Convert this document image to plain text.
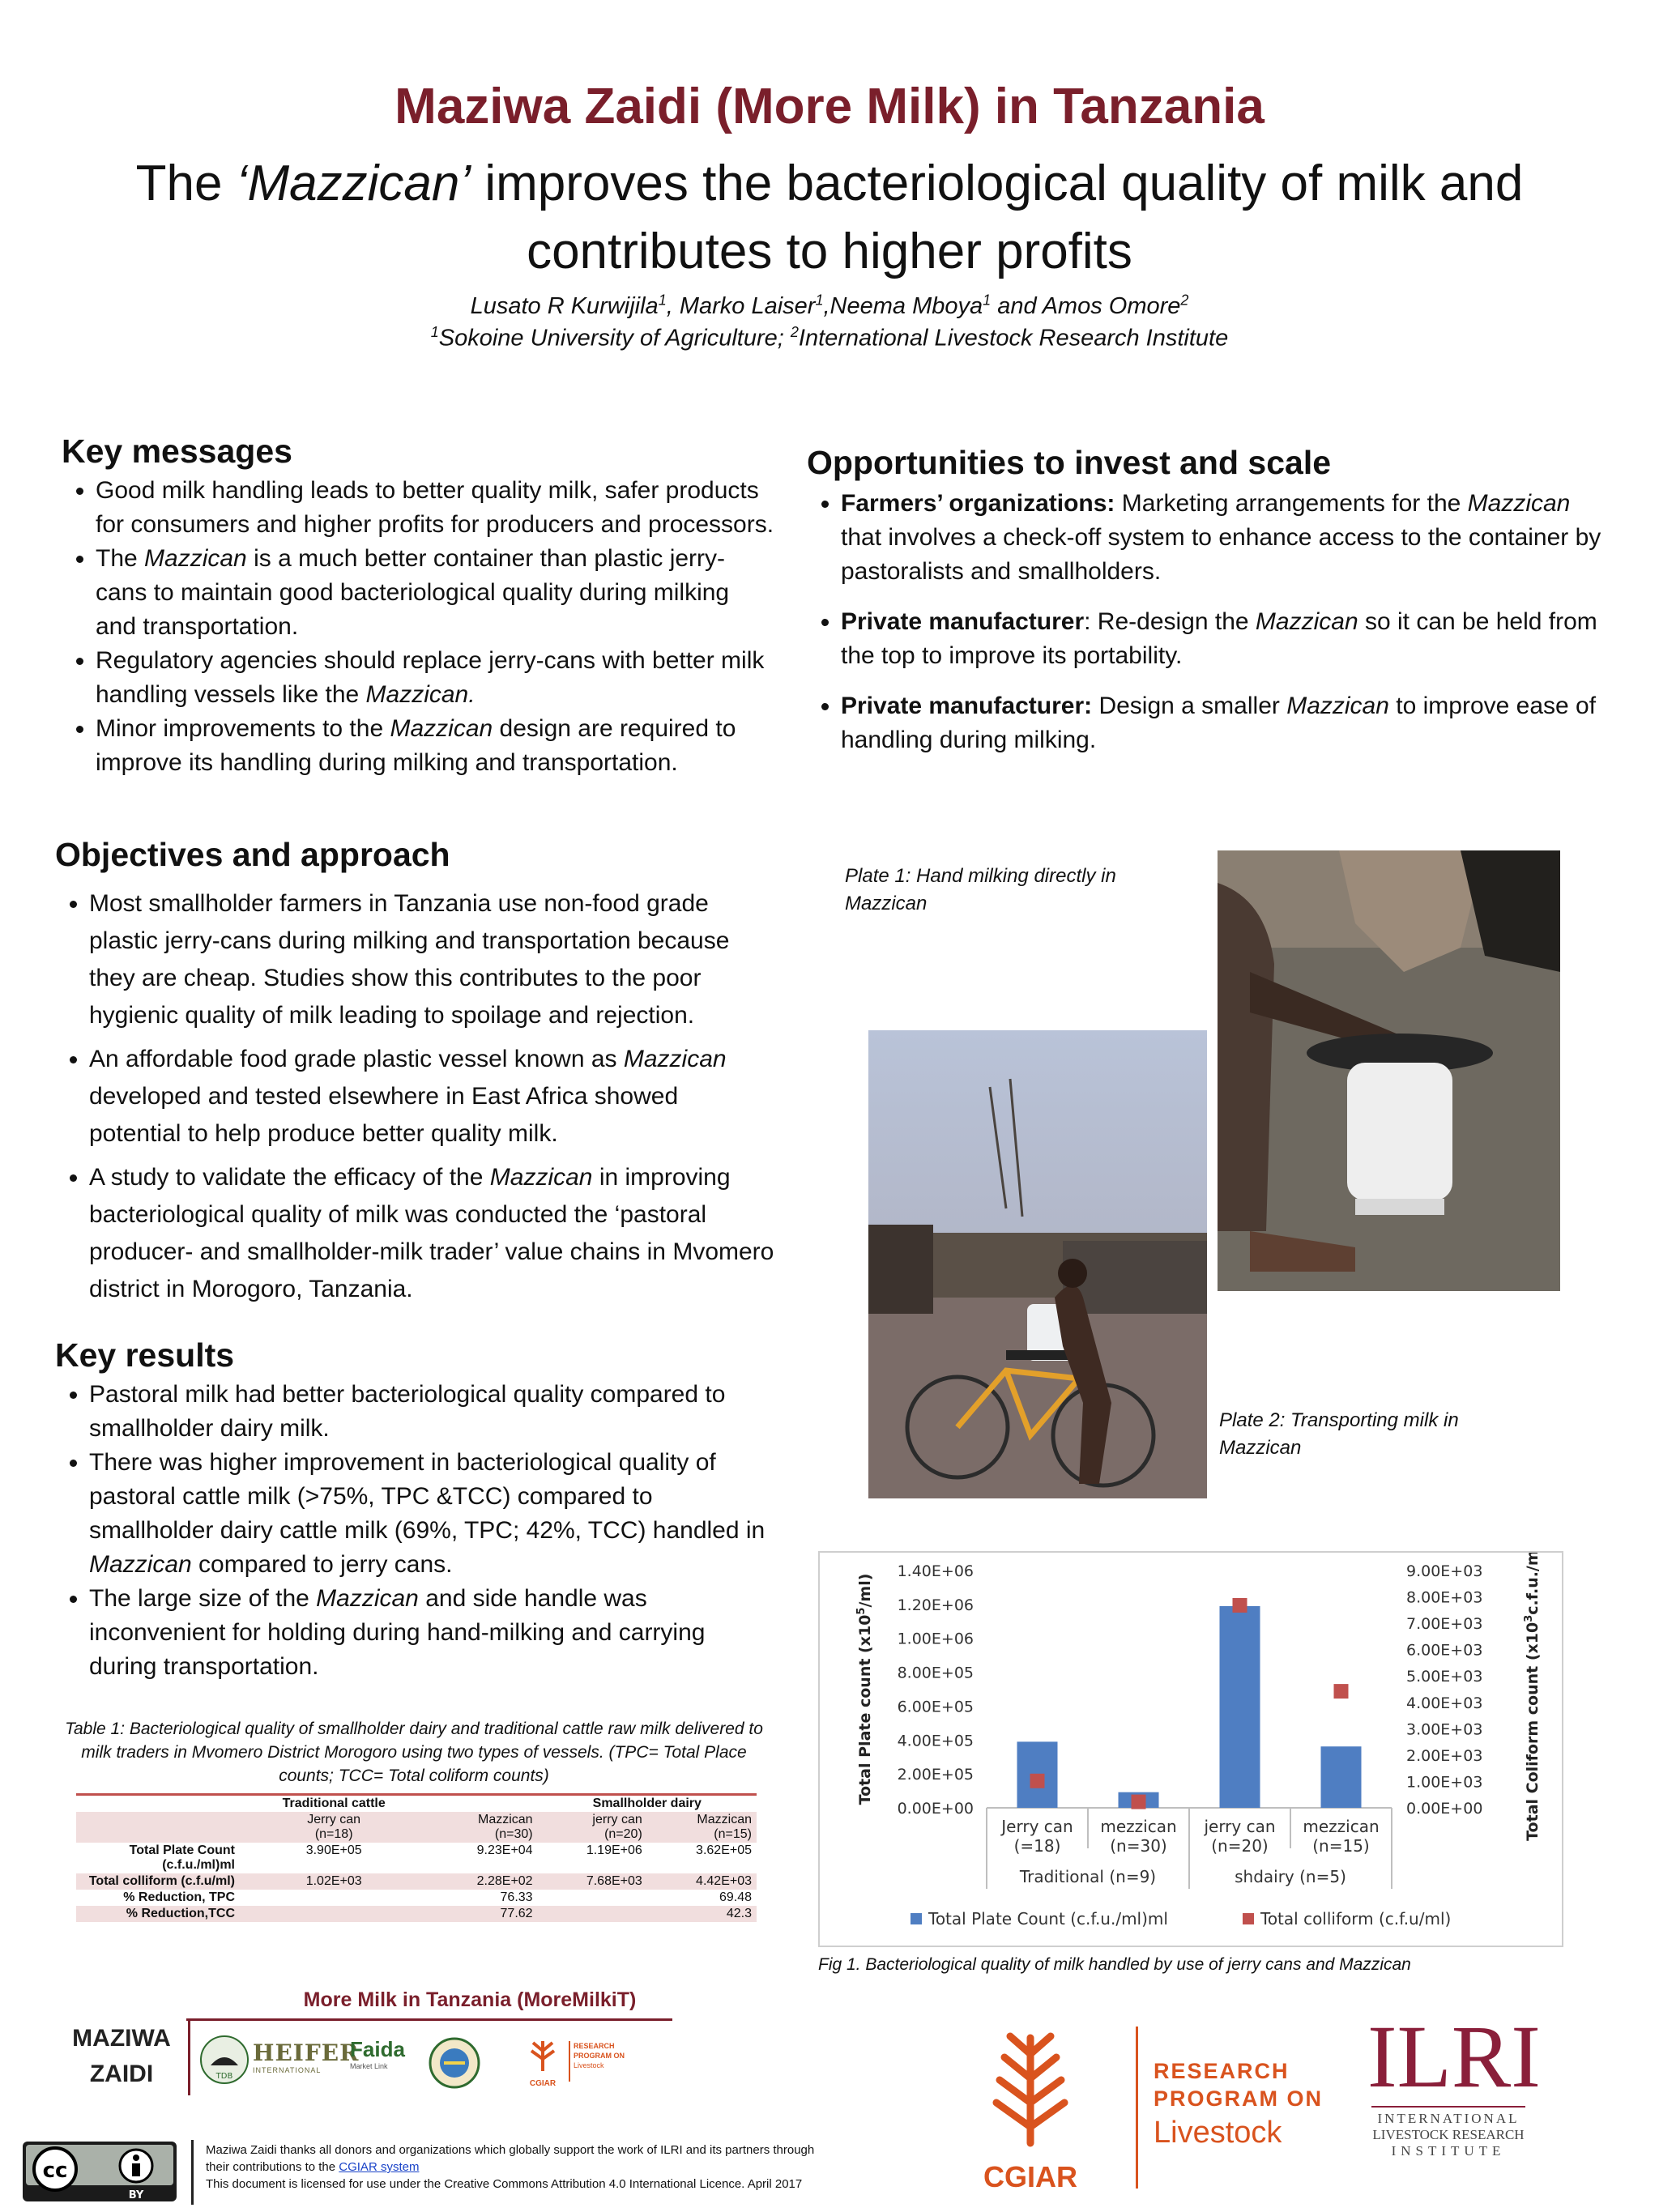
Maziwa Zaidi (More Milk) in Tanzania
The ‘Mazzican’ improves the bacteriological quality of milk and contributes to higher profits
Lusato R Kurwijila$^1$, Marko Laiser$^1$,Neema Mboya$^1$ and Amos Omore$^2$
$^1$Sokoine University of Agriculture; $^2$International Livestock Research Institute
Key messages
• Good milk handling leads to better quality milk, safer products for consumers and higher profits for producers and processors.
• The Mazzican is a much better container than plastic jerry-cans to maintain good bacteriological quality during milking and transportation.
• Regulatory agencies should replace jerry-cans with better milk handling vessels like the Mazzican.
• Minor improvements to the Mazzican design are required to improve its handling during milking and transportation.
Objectives and approach
• Most smallholder farmers in Tanzania use non-food grade plastic jerry-cans during milking and transportation because they are cheap. Studies show this contributes to the poor hygienic quality of milk leading to spoilage and rejection.
• An affordable food grade plastic vessel known as Mazzican developed and tested elsewhere in East Africa showed potential to help produce better quality milk.
• A study to validate the efficacy of the Mazzican in improving bacteriological quality of milk was conducted the ‘pastoral producer- and smallholder-milk trader’ value chains in Mvomero district in Morogoro, Tanzania.
Key results
• Pastoral milk had better bacteriological quality compared to smallholder dairy milk.
• There was higher improvement in bacteriological quality of pastoral cattle milk (>75%, TPC &TCC) compared to smallholder dairy cattle milk (69%, TPC; 42%, TCC) handled in Mazzican compared to jerry cans.
• The large size of the Mazzican and side handle was inconvenient for holding during hand-milking and carrying during transportation.
Table 1: Bacteriological quality of smallholder dairy and traditional cattle raw milk delivered to milk traders in Mvomero District Morogoro using two types of vessels. (TPC= Total Place counts; TCC= Total coliform counts)
	Traditional cattle		Smallholder dairy	
	Jerry can
(n=18)	Mazzican
(n=30)	jerry can
(n=20)	Mazzican
(n=15)
Total Plate Count (c.f.u./ml)ml	3.90E+05	9.23E+04	1.19E+06	3.62E+05
Total colliform (c.f.u/ml)	1.02E+03	2.28E+02	7.68E+03	4.42E+03
% Reduction, TPC		76.33		69.48
% Reduction,TCC		77.62		42.3
Opportunities to invest and scale
• Farmers’ organizations: Marketing arrangements for the Mazzican that involves a check-off system to enhance access to the container by pastoralists and smallholders.
• Private manufacturer: Re-design the Mazzican so it can be held from the top to improve its portability.
• Private manufacturer: Design a smaller Mazzican to improve ease of handling during milking.
Plate 1: Hand milking directly in Mazzican
Plate 2: Transporting milk in Mazzican
0.00E+00
2.00E+05
4.00E+05
6.00E+05
8.00E+05
1.00E+06
1.20E+06
1.40E+06
0.00E+00
1.00E+03
2.00E+03
3.00E+03
4.00E+03
5.00E+03
6.00E+03
7.00E+03
8.00E+03
9.00E+03
Jerry can
(=18)
mezzican
(n=30)
jerry can
(n=20)
mezzican
(n=15)
Traditional (n=9)	shdairy (n=5)
Total Plate count $(x10^5/ml)$
Total Coliform count $(x10^3c.f.u./ml)$
Total Plate Count (c.f.u./ml)ml	Total colliform (c.f.u/ml)
Fig 1. Bacteriological quality of milk handled by use of jerry cans and Mazzican
More Milk in Tanzania (MoreMilkiT)
MAZIWA
ZAIDI	TDB
HEIFER
INTERNATIONAL
Faida
Market Link
CGIAR
RESEARCH
PROGRAM ON
Livestock
CGIAR
RESEARCH
PROGRAM ON
Livestock
ILRI
INTERNATIONAL
LIVESTOCK RESEARCH
INSTITUTE
cc
BY
Maziwa Zaidi thanks all donors and organizations which globally support the work of ILRI and its partners through
their contributions to the CGIAR system
This document is licensed for use under the Creative Commons Attribution 4.0 International Licence. April 2017
